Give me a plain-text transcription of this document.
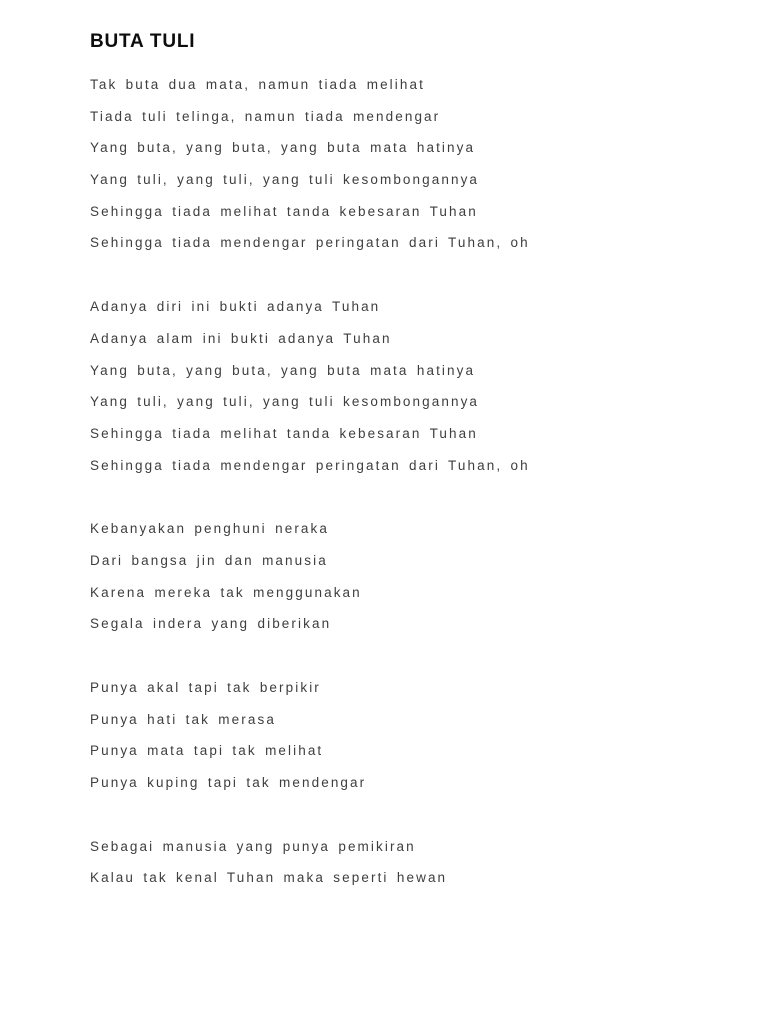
BUTA TULI

Tak buta dua mata, namun tiada melihat

Tiada tuli telinga, namun tiada mendengar

Yang buta, yang buta, yang buta mata hatinya

Yang tuli, yang tuli, yang tuli kesombongannya

Sehingga tiada melihat tanda kebesaran Tuhan

Sehingga tiada mendengar peringatan dari Tuhan, oh

Adanya diri ini bukti adanya Tuhan

Adanya alam ini bukti adanya Tuhan

Yang buta, yang buta, yang buta mata hatinya

Yang tuli, yang tuli, yang tuli kesombongannya

Sehingga tiada melihat tanda kebesaran Tuhan

Sehingga tiada mendengar peringatan dari Tuhan, oh

Kebanyakan penghuni neraka

Dari bangsa jin dan manusia

Karena mereka tak menggunakan

Segala indera yang diberikan

Punya akal tapi tak berpikir

Punya hati tak merasa

Punya mata tapi tak melihat

Punya kuping tapi tak mendengar

Sebagai manusia yang punya pemikiran

Kalau tak kenal Tuhan maka seperti hewan
